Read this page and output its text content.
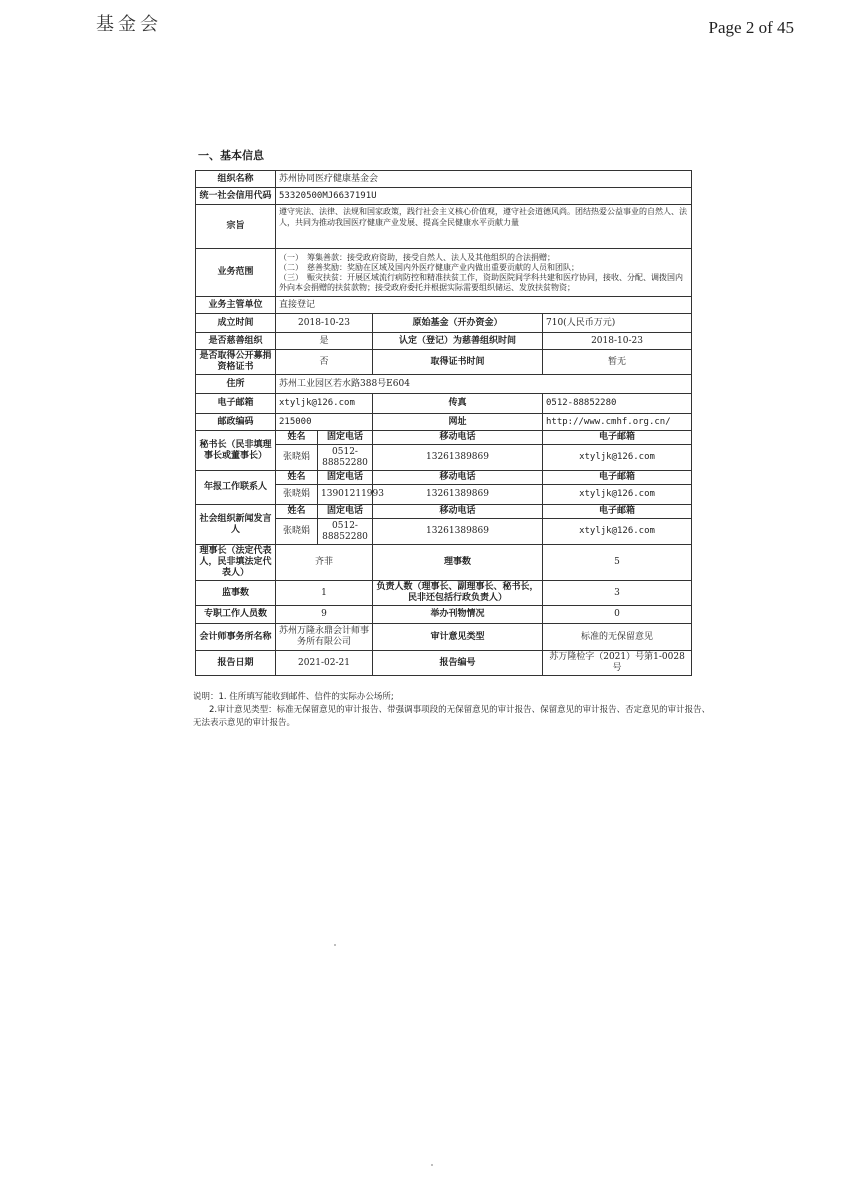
基金会	Page 2 of 45
一、基本信息
组织名称	苏州协同医疗健康基金会			
统一社会信用代码	53320500MJ6637191U			
宗旨	遵守宪法、法律、法规和国家政策，践行社会主义核心价值观，遵守社会道德风尚。团结热爱公益事业的自然人、法人，共同为推动我国医疗健康产业发展、提高全民健康水平贡献力量			
业务范围	（一）　筹集善款：接受政府资助，接受自然人、法人及其他组织的合法捐赠；
（二）　慈善奖励：奖励在区域及国内外医疗健康产业内做出重要贡献的人员和团队；
（三）　赈灾扶贫：开展区域流行病防控和精准扶贫工作，资助医院间学科共建和医疗协同，接收、分配、调拨国内外向本会捐赠的扶贫款物；接受政府委托并根据实际需要组织储运、发放扶贫物资；			

业务主管单位	直接登记			
成立时间	2018-10-23		原始基金（开办资金）	710(人民币万元)
是否慈善组织	是		认定（登记）为慈善组织时间	2018-10-23
是否取得公开募捐资格证书	否		取得证书时间	暂无
住所	苏州工业园区若水路388号E604			
电子邮箱	xtyljk@126.com		传真	0512-88852280
邮政编码	215000		网址	http://www.cmhf.org.cn/
秘书长（民非填理事长或董事长）	姓名	固定电话	移动电话	电子邮箱
	张晓娟	0512-88852280	13261389869	xtyljk@126.com
年报工作联系人	姓名	固定电话	移动电话	电子邮箱
	张晓娟	13901211993	13261389869	xtyljk@126.com
社会组织新闻发言人	姓名	固定电话	移动电话	电子邮箱
	张晓娟	0512-88852280	13261389869	xtyljk@126.com
理事长（法定代表人，民非填法定代表人）	齐菲		理事数	5
监事数	1		负责人数（理事长、副理事长、秘书长，民非还包括行政负责人）	3
专职工作人员数	9		举办刊物情况	0
会计师事务所名称	苏州万隆永鼎会计师事务所有限公司		审计意见类型	标准的无保留意见
报告日期	2021-02-21		报告编号	苏万隆检字（2021）号第1-0028号
说明：1. 住所填写能收到邮件、信件的实际办公场所;
2.审计意见类型：标准无保留意见的审计报告、带强调事项段的无保留意见的审计报告、保留意见的审计报告、否定意见的审计报告、无法表示意见的审计报告。
